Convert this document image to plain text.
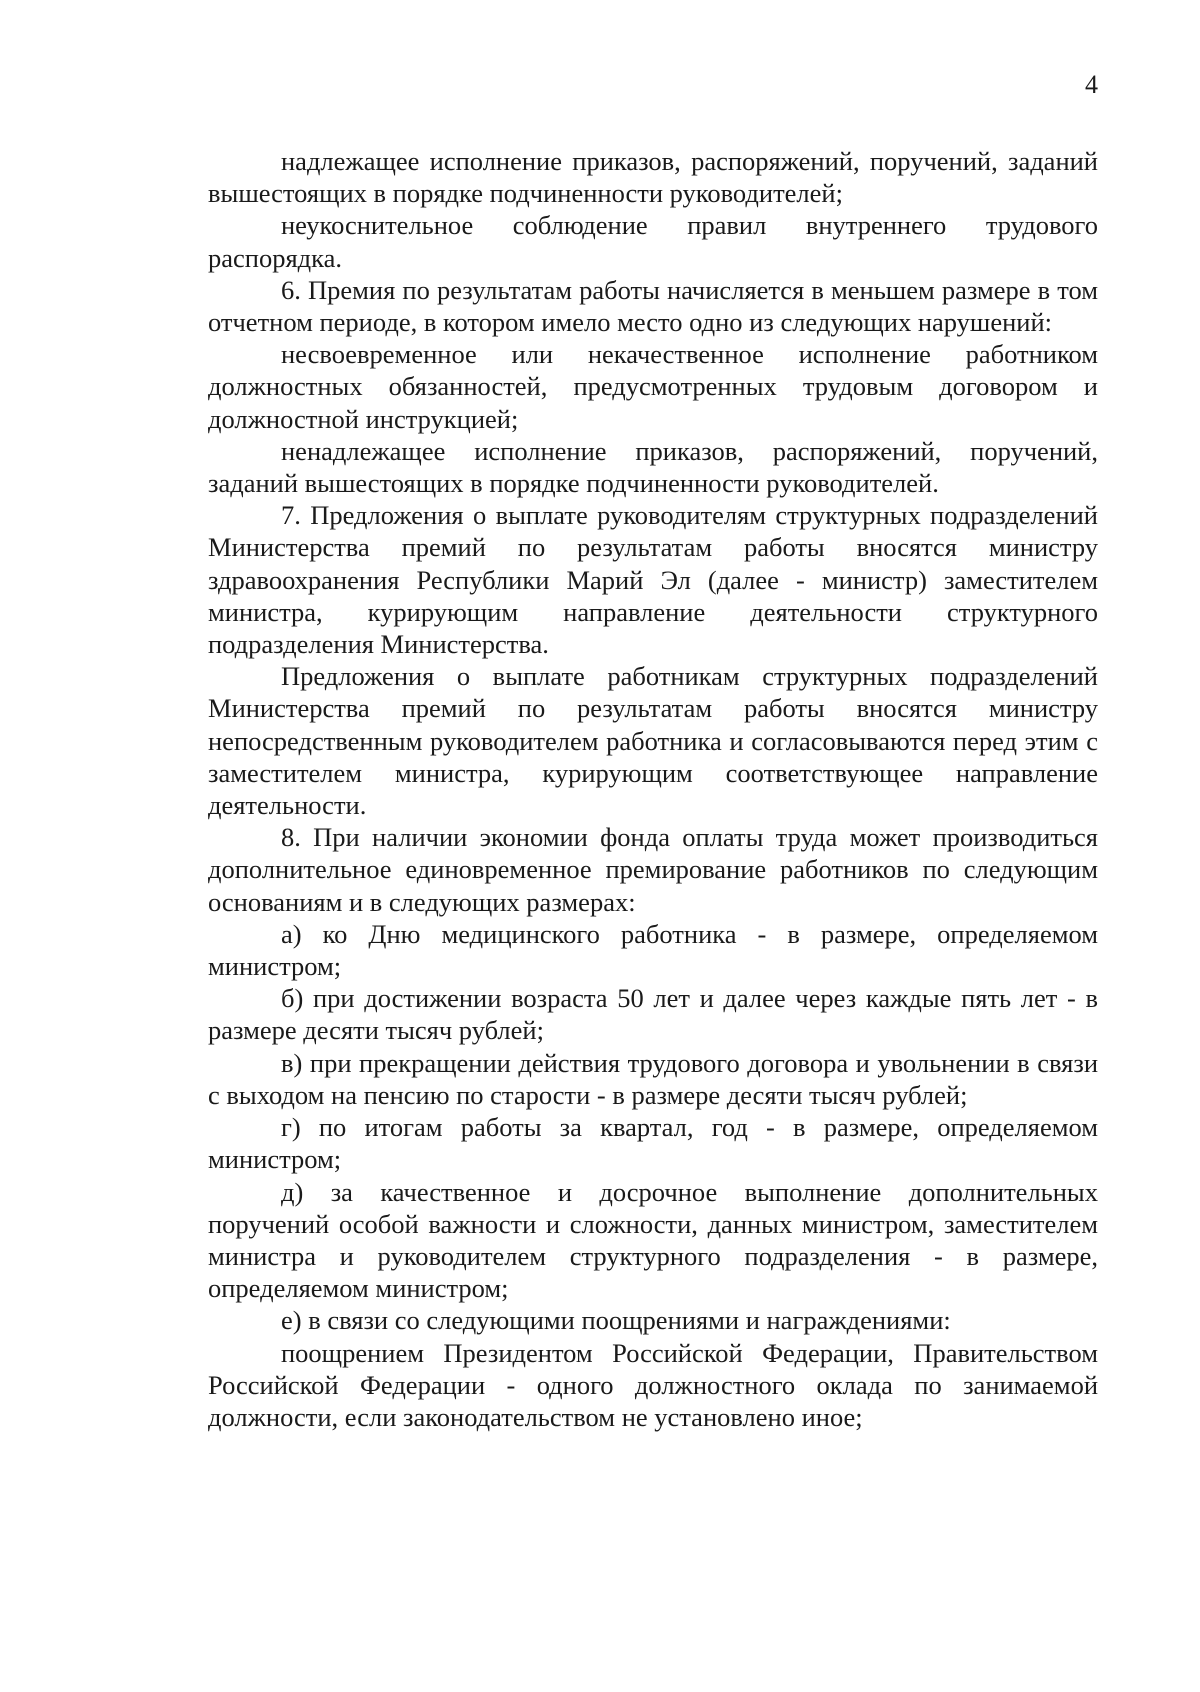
4

надлежащее исполнение приказов, распоряжений, поручений, заданий вышестоящих в порядке подчиненности руководителей;

неукоснительное соблюдение правил внутреннего трудового распорядка.

6. Премия по результатам работы начисляется в меньшем размере в том отчетном периоде, в котором имело место одно из следующих нарушений:

несвоевременное или некачественное исполнение работником должностных обязанностей, предусмотренных трудовым договором и должностной инструкцией;

ненадлежащее исполнение приказов, распоряжений, поручений, заданий вышестоящих в порядке подчиненности руководителей.

7. Предложения о выплате руководителям структурных подразделений Министерства премий по результатам работы вносятся министру здравоохранения Республики Марий Эл (далее - министр) заместителем министра, курирующим направление деятельности структурного подразделения Министерства.

Предложения о выплате работникам структурных подразделений Министерства премий по результатам работы вносятся министру непосредственным руководителем работника и согласовываются перед этим с заместителем министра, курирующим соответствующее направление деятельности.

8. При наличии экономии фонда оплаты труда может производиться дополнительное единовременное премирование работников по следующим основаниям и в следующих размерах:

а) ко Дню медицинского работника - в размере, определяемом министром;

б) при достижении возраста 50 лет и далее через каждые пять лет - в размере десяти тысяч рублей;

в) при прекращении действия трудового договора и увольнении в связи с выходом на пенсию по старости - в размере десяти тысяч рублей;

г) по итогам работы за квартал, год - в размере, определяемом министром;

д) за качественное и досрочное выполнение дополнительных поручений особой важности и сложности, данных министром, заместителем министра и руководителем структурного подразделения - в размере, определяемом министром;

е) в связи со следующими поощрениями и награждениями:

поощрением Президентом Российской Федерации, Правительством Российской Федерации - одного должностного оклада по занимаемой должности, если законодательством не установлено иное;
